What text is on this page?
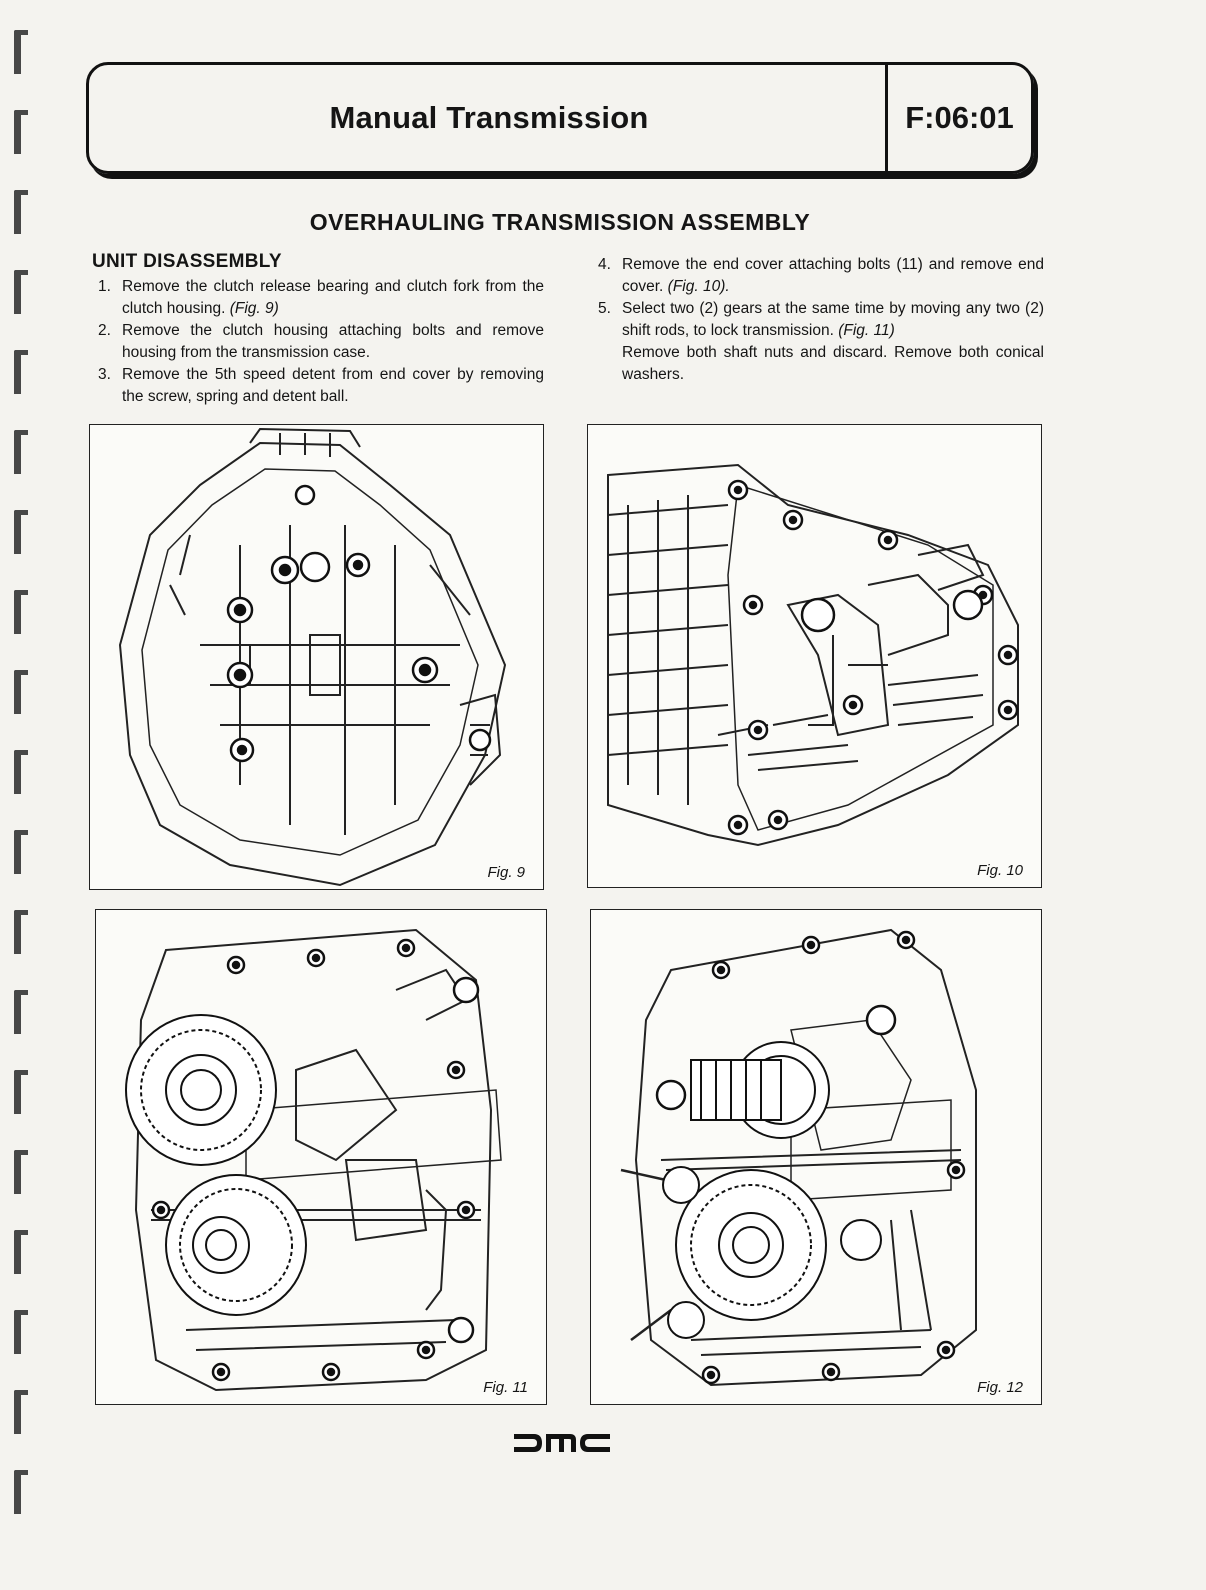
Manual Transmission	F:06:01
OVERHAULING TRANSMISSION ASSEMBLY
UNIT DISASSEMBLY
1. Remove the clutch release bearing and clutch fork from the clutch housing. (Fig. 9)
2. Remove the clutch housing attaching bolts and remove housing from the transmission case.
3. Remove the 5th speed detent from end cover by removing the screw, spring and detent ball.
4. Remove the end cover attaching bolts (11) and remove end cover. (Fig. 10).
5. Select two (2) gears at the same time by moving any two (2) shift rods, to lock transmission. (Fig. 11)
Remove both shaft nuts and discard. Remove both conical washers.
Fig. 9	Fig. 10
Fig. 11	Fig. 12
